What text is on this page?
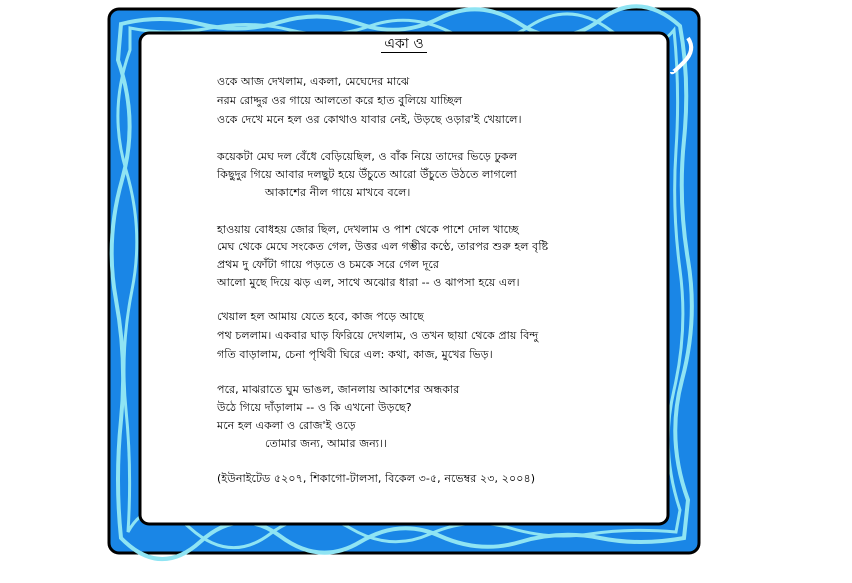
একা ও
ওকে আজ দেখলাম, একলা, মেঘেদের মাঝে
নরম রোদ্দুর ওর গায়ে আলতো করে হাত বুলিয়ে যাচ্ছিল
ওকে দেখে মনে হল ওর কোথাও যাবার নেই, উড়ছে ওড়ার'ই খেয়ালে।
কয়েকটা মেঘ দল বেঁধে বেড়িয়েছিল, ও বাঁক নিয়ে তাদের ভিড়ে ঢুকল
কিছুদুর গিয়ে আবার দলছুট হয়ে উঁচুতে আরো উঁচুতে উঠতে লাগলো
আকাশের নীল গায়ে মাখবে বলে।
হাওয়ায় বোধহয় জোর ছিল, দেখলাম ও পাশ থেকে পাশে দোল খাচ্ছে
মেঘ থেকে মেঘে সংকেত গেল, উত্তর এল গম্ভীর কণ্ঠে, তারপর শুরু হল বৃষ্টি
প্রথম দু ফোঁটা গায়ে পড়তে ও চমকে সরে গেল দূরে
আলো মুছে দিয়ে ঝড় এল, সাথে অঝোর ধারা -- ও ঝাপসা হয়ে এল।
খেয়াল হল আমায় যেতে হবে, কাজ পড়ে আছে
পথ চললাম। একবার ঘাড় ফিরিয়ে দেখলাম, ও তখন ছায়া থেকে প্রায় বিন্দু
গতি বাড়ালাম, চেনা পৃথিবী ঘিরে এল: কথা, কাজ, মুখের ভিড়।
পরে, মাঝরাতে ঘুম ভাঙল, জানলায় আকাশের অন্ধকার
উঠে গিয়ে দাঁড়ালাম -- ও কি এখনো উড়ছে?
মনে হল একলা ও রোজ'ই ওড়ে
তোমার জন্য, আমার জন্য।।
(ইউনাইটেড ৫২০৭, শিকাগো-টালসা, বিকেল ৩-৫, নভেম্বর ২৩, ২০০৪)
